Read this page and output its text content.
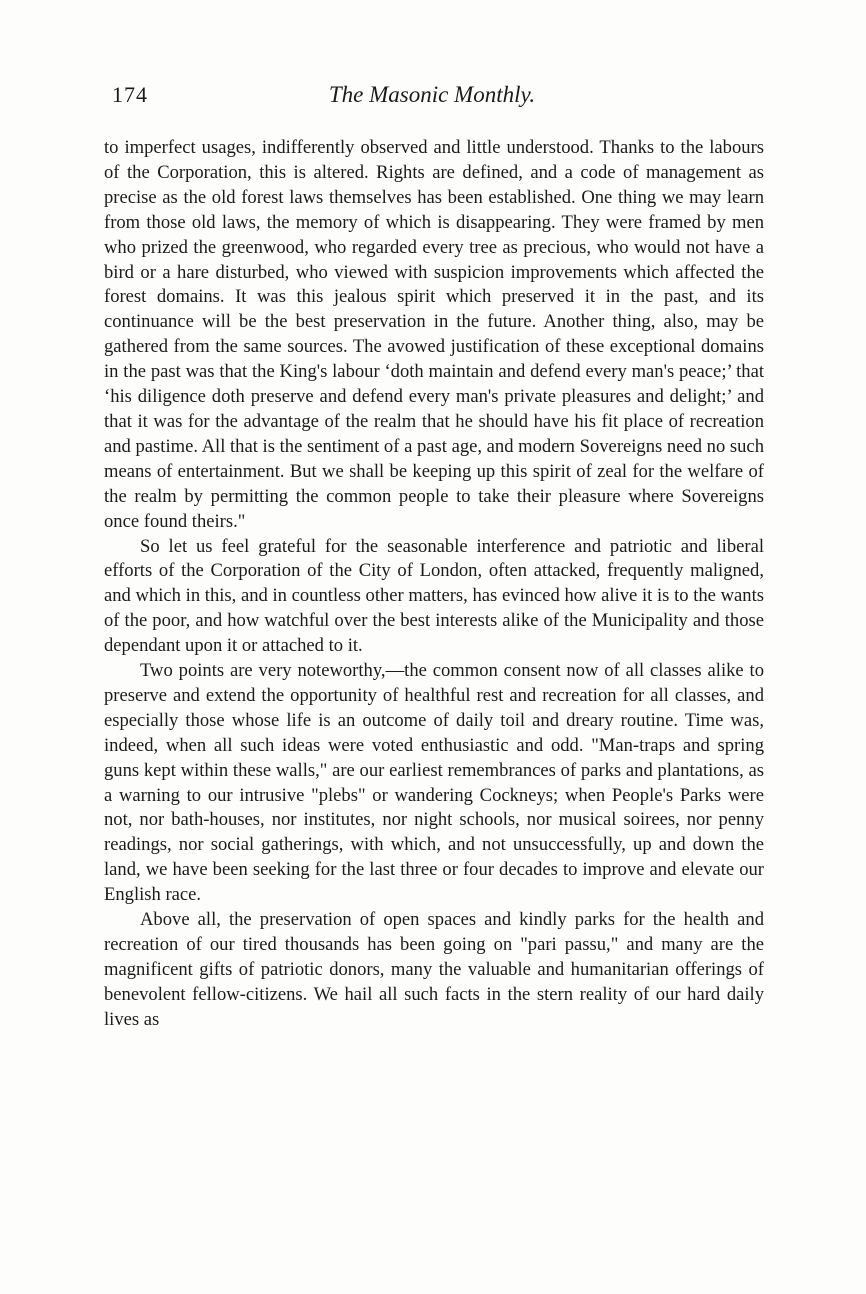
174	The Masonic Monthly.

to imperfect usages, indifferently observed and little understood. Thanks to the labours of the Corporation, this is altered. Rights are defined, and a code of management as precise as the old forest laws themselves has been established. One thing we may learn from those old laws, the memory of which is disappearing. They were framed by men who prized the greenwood, who regarded every tree as precious, who would not have a bird or a hare disturbed, who viewed with suspicion improvements which affected the forest domains. It was this jealous spirit which preserved it in the past, and its continuance will be the best preservation in the future. Another thing, also, may be gathered from the same sources. The avowed justification of these exceptional domains in the past was that the King's labour ‘doth maintain and defend every man's peace;’ that ‘his diligence doth preserve and defend every man's private pleasures and delight;’ and that it was for the advantage of the realm that he should have his fit place of recreation and pastime. All that is the sentiment of a past age, and modern Sovereigns need no such means of entertainment. But we shall be keeping up this spirit of zeal for the welfare of the realm by permitting the common people to take their pleasure where Sovereigns once found theirs."

So let us feel grateful for the seasonable interference and patriotic and liberal efforts of the Corporation of the City of London, often attacked, frequently maligned, and which in this, and in countless other matters, has evinced how alive it is to the wants of the poor, and how watchful over the best interests alike of the Municipality and those dependant upon it or attached to it.

Two points are very noteworthy,—the common consent now of all classes alike to preserve and extend the opportunity of healthful rest and recreation for all classes, and especially those whose life is an outcome of daily toil and dreary routine. Time was, indeed, when all such ideas were voted enthusiastic and odd. "Man-traps and spring guns kept within these walls," are our earliest remembrances of parks and plantations, as a warning to our intrusive "plebs" or wandering Cockneys; when People's Parks were not, nor bath-houses, nor institutes, nor night schools, nor musical soirees, nor penny readings, nor social gatherings, with which, and not unsuccessfully, up and down the land, we have been seeking for the last three or four decades to improve and elevate our English race.

Above all, the preservation of open spaces and kindly parks for the health and recreation of our tired thousands has been going on "pari passu," and many are the magnificent gifts of patriotic donors, many the valuable and humanitarian offerings of benevolent fellow-citizens. We hail all such facts in the stern reality of our hard daily lives as
